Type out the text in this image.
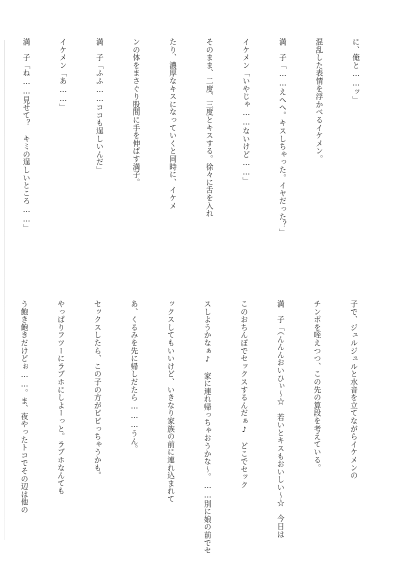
に、俺と……ッ」

混乱した表情を浮かべるイケメン。

満　子「……えへへ。キスしちゃった。イヤだった？」

イケメン「いやじゃ……ないけど……」

そのまま、二度、三度とキスする。徐々に舌を入れ

たり、濃厚なキスになっていくと同時に、イケメ

ンの体をまさぐり股間に手を伸ばす満子。

満　子「ふふ……ココも逞しいんだ」

イケメン「あ……」

満　子「ね……見せて？　キミの逞しいところ……」

子で、ジュルジュルと水音を立てながらイケメンの

チンポを咥えつつ、この先の算段を考えている。

満　子「（んんんおいひぃ～☆　若いとキスもおいしい～☆　今日は

このおちんぽでセックスするんだぁ♪　どこでセック

スしようかなぁ♪　家に連れ帰っちゃおうかな～。……別に娘の前でセ

ックスしてもいいけど、いきなり家族の前に連れ込まれて

あ、くるみを先に帰しだたら………うん。

セックスしたら、この子の方がビビっちゃうかも。

やっぱりフツーにラブホにしよーっと。ラブホなんても

う飽き飽きだけどぉ……。ま、夜やったトコでその辺は他の
